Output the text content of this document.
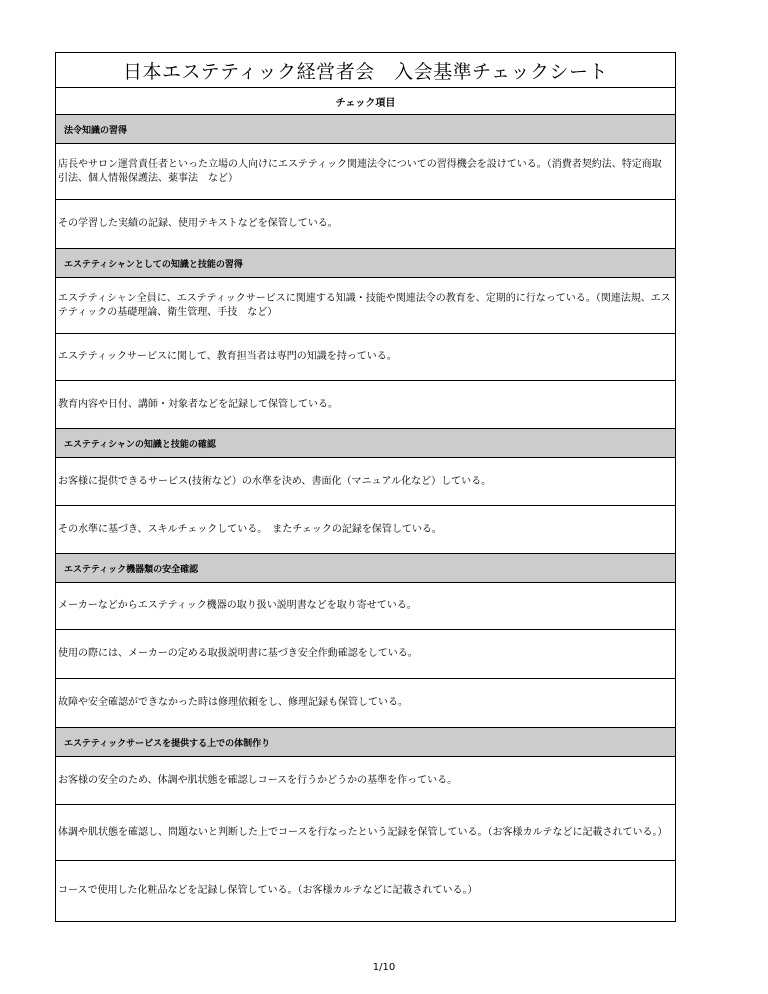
日本エステティック経営者会　入会基準チェックシート
チェック項目
法令知識の習得
店長やサロン運営責任者といった立場の人向けにエステティック関連法令についての習得機会を設けている。（消費者契約法、特定商取引法、個人情報保護法、薬事法　など）
その学習した実績の記録、使用テキストなどを保管している。
エステティシャンとしての知識と技能の習得
エステティシャン全員に、エステティックサービスに関連する知識・技能や関連法令の教育を、定期的に行なっている。（関連法規、エステティックの基礎理論、衛生管理、手技　など）
エステティックサービスに関して、教育担当者は専門の知識を持っている。
教育内容や日付、講師・対象者などを記録して保管している。
エステティシャンの知識と技能の確認
お客様に提供できるサービス(技術など）の水準を決め、書面化（マニュアル化など）している。
その水準に基づき、スキルチェックしている。　またチェックの記録を保管している。
エステティック機器類の安全確認
メーカーなどからエステティック機器の取り扱い説明書などを取り寄せている。
使用の際には、メーカーの定める取扱説明書に基づき安全作動確認をしている。
故障や安全確認ができなかった時は修理依頼をし、修理記録も保管している。
エステティックサービスを提供する上での体制作り
お客様の安全のため、体調や肌状態を確認しコースを行うかどうかの基準を作っている。
体調や肌状態を確認し、問題ないと判断した上でコースを行なったという記録を保管している。（お客様カルテなどに記載されている。）
コースで使用した化粧品などを記録し保管している。（お客様カルテなどに記載されている。）
1/10
